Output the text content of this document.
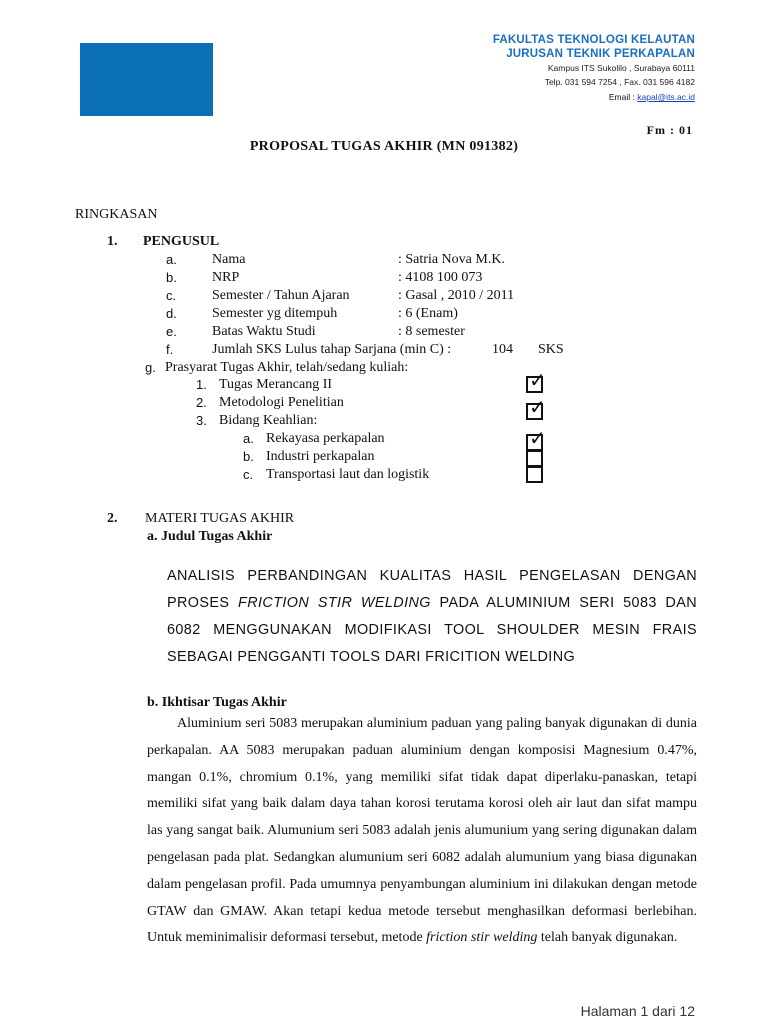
FAKULTAS TEKNOLOGI KELAUTAN
JURUSAN TEKNIK PERKAPALAN
Kampus ITS Sukolilo , Surabaya 60111
Telp. 031 594 7254 , Fax. 031 596 4182
Email : kapal@its.ac.id
Fm : 01
PROPOSAL TUGAS AKHIR (MN 091382)
RINGKASAN
1. PENGUSUL
a.	Nama	: Satria Nova M.K.
b.	NRP	: 4108 100 073
c.	Semester / Tahun Ajaran	: Gasal , 2010 / 2011
d.	Semester yg ditempuh	: 6 (Enam)
e.	Batas Waktu Studi	: 8 semester
f.	Jumlah SKS Lulus tahap Sarjana (min C) :	104 SKS
g. Prasyarat Tugas Akhir, telah/sedang kuliah:
1. Tugas Merancang II	✓
2. Metodologi Penelitian	✓
3. Bidang Keahlian:
a. Rekayasa perkapalan	✓
b. Industri perkapalan
c. Transportasi laut dan logistik
2. MATERI TUGAS AKHIR
a. Judul Tugas Akhir
ANALISIS PERBANDINGAN KUALITAS HASIL PENGELASAN DENGAN PROSES FRICTION STIR WELDING PADA ALUMINIUM SERI 5083 DAN 6082 MENGGUNAKAN MODIFIKASI TOOL SHOULDER MESIN FRAIS SEBAGAI PENGGANTI TOOLS DARI FRICITION WELDING
b. Ikhtisar Tugas Akhir
Aluminium seri 5083 merupakan aluminium paduan yang paling banyak digunakan di dunia perkapalan. AA 5083 merupakan paduan aluminium dengan komposisi Magnesium 0.47%, mangan 0.1%, chromium 0.1%, yang memiliki sifat tidak dapat diperlaku-panaskan, tetapi memiliki sifat yang baik dalam daya tahan korosi terutama korosi oleh air laut dan sifat mampu las yang sangat baik. Alumunium seri 5083 adalah jenis alumunium yang sering digunakan dalam pengelasan pada plat. Sedangkan alumunium seri 6082 adalah alumunium yang biasa digunakan dalam pengelasan profil. Pada umumnya penyambungan aluminium ini dilakukan dengan metode GTAW dan GMAW. Akan tetapi kedua metode tersebut menghasilkan deformasi berlebihan. Untuk meminimalisir deformasi tersebut, metode friction stir welding telah banyak digunakan.
Halaman 1 dari 12
